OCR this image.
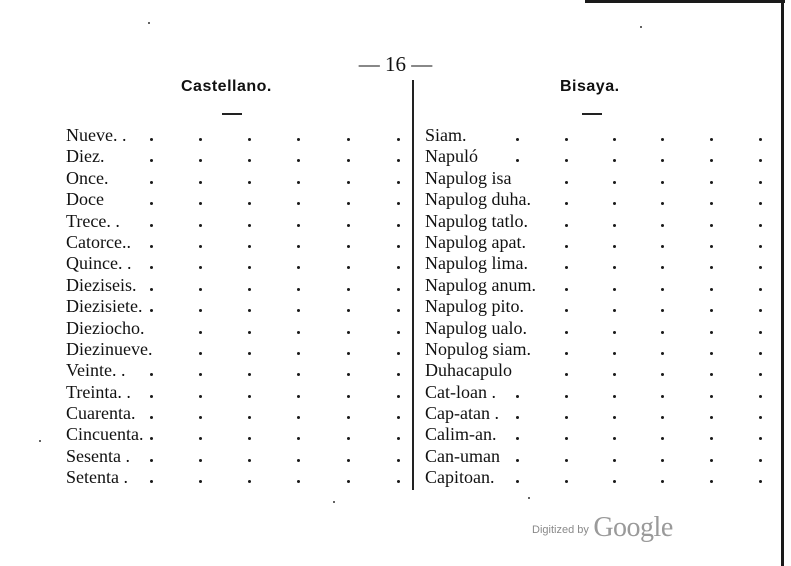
— 16 —
Castellano.	Bisaya.
Nueve. .
Diez.
Once.
Doce
Trece. .
Catorce..
Quince. .
Dieziseis.
Diezisiete.
Dieziocho.
Diezinueve.
Veinte. .
Treinta. .
Cuarenta.
Cincuenta.
Sesenta .
Setenta .
Siam.
Napuló
Napulog isa
Napulog duha.
Napulog tatlo.
Napulog apat.
Napulog lima.
Napulog anum.
Napulog pito.
Napulog ualo.
Nopulog siam.
Duhacapulo
Cat-loan .
Cap-atan .
Calim-an.
Can-uman
Capitoan.
Digitized by Google
